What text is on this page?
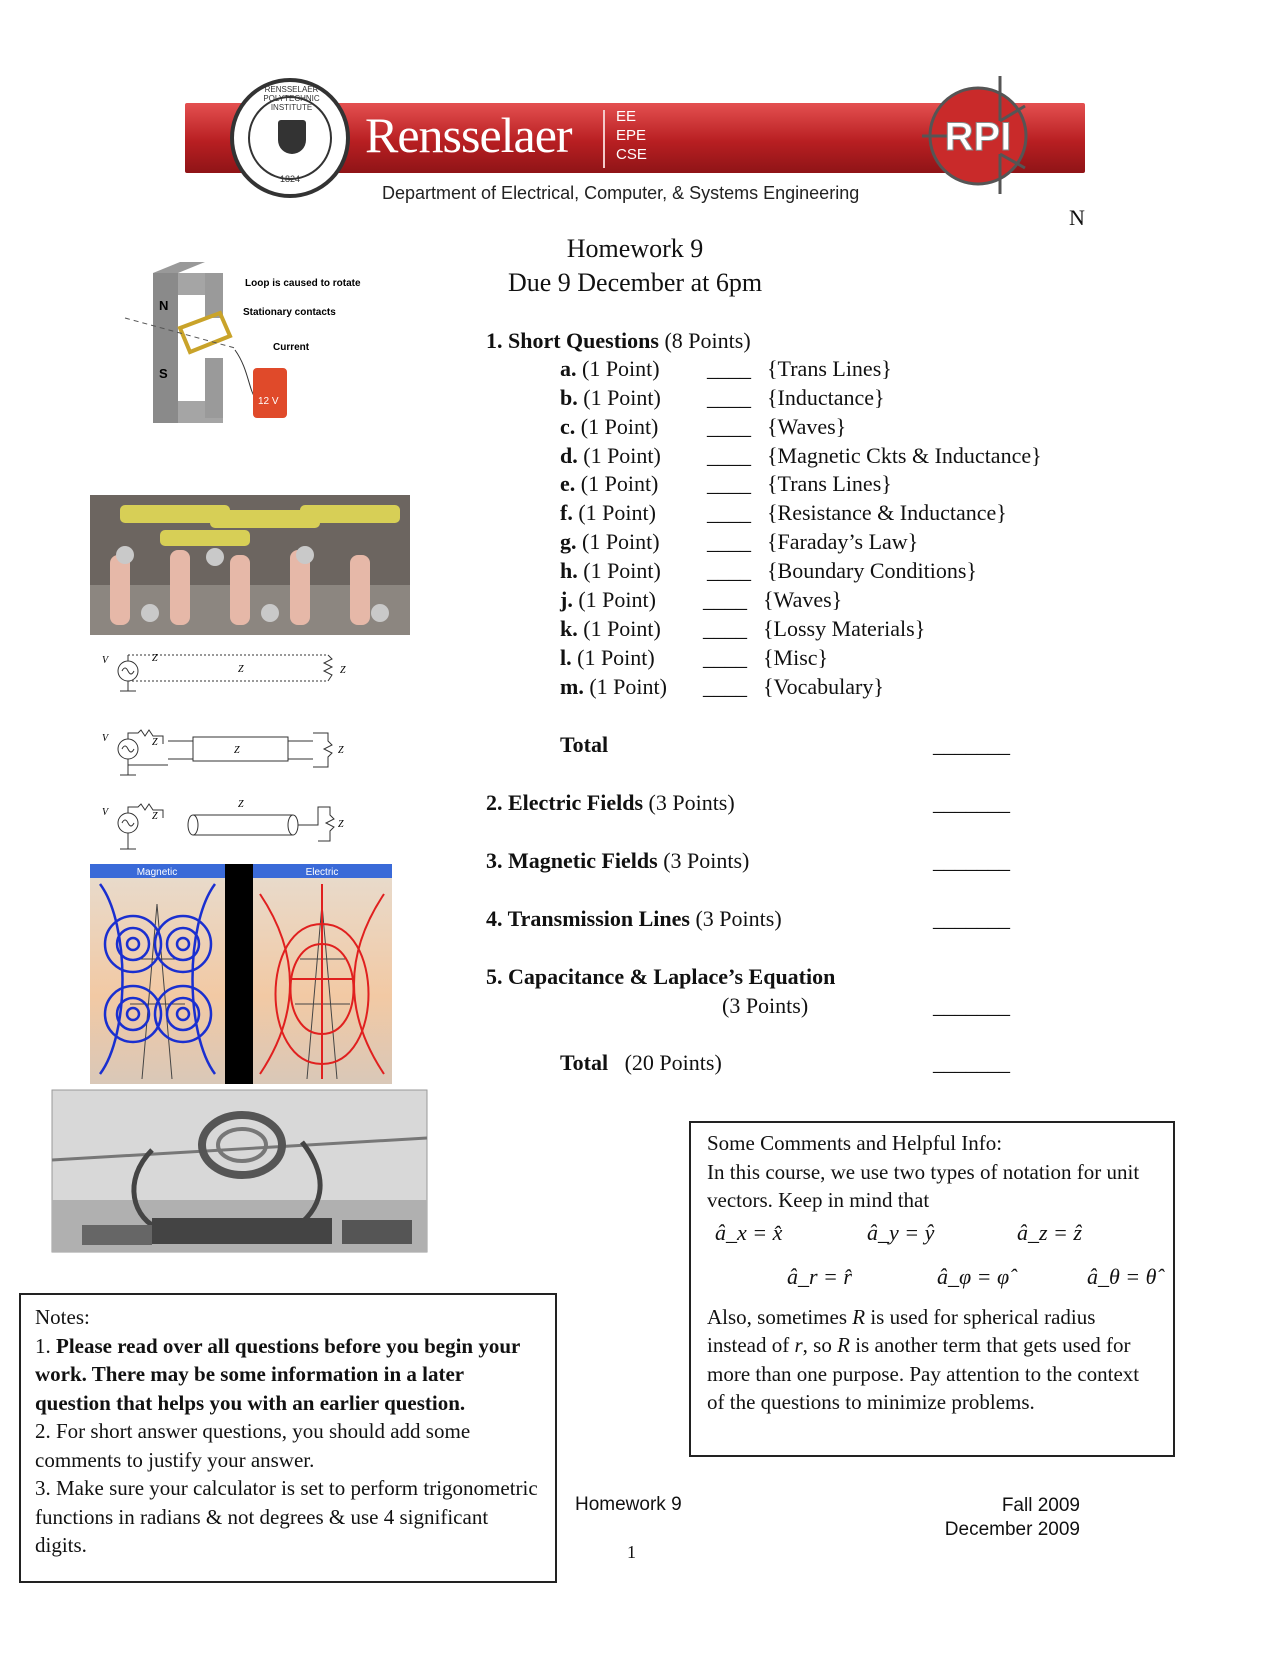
RENSSELAER POLYTECHNIC INSTITUTE
1824
Rensselaer	EE
EPE
CSE	RPI
Department of Electrical, Computer, & Systems Engineering
N
Homework 9
Due 9 December at 6pm
N
S
12 V
Loop is caused to rotate
Stationary contacts
Current
V	Z
Z	Z
V	Z
Z	Z
V	Z
Z
Z
Magnetic	Electric
1. Short Questions (8 Points)
a. (1 Point) ____ {Trans Lines}
b. (1 Point) ____ {Inductance}
c. (1 Point) ____ {Waves}
d. (1 Point) ____ {Magnetic Ckts & Inductance}
e. (1 Point) ____ {Trans Lines}
f. (1 Point) ____ {Resistance & Inductance}
g. (1 Point) ____ {Faraday’s Law}
h. (1 Point) ____ {Boundary Conditions}
j. (1 Point) ____ {Waves}
k. (1 Point) ____ {Lossy Materials}
l. (1 Point) ____ {Misc}
m. (1 Point) ____ {Vocabulary}
Total	_______
2. Electric Fields (3 Points)	_______
3. Magnetic Fields (3 Points)	_______
4. Transmission Lines (3 Points)	_______
5. Capacitance & Laplace’s Equation
(3 Points)	_______
Total (20 Points)	_______
Some Comments and Helpful Info:
In this course, we use two types of notation for unit vectors. Keep in mind that
â_x = x̂	â_y = ŷ	â_z = ẑ
â_r = r̂	â_φ = φ̂	â_θ = θ̂
Also, sometimes R is used for spherical radius instead of r, so R is another term that gets used for more than one purpose. Pay attention to the context of the questions to minimize problems.
Notes:
1. Please read over all questions before you begin your work. There may be some information in a later question that helps you with an earlier question.
2. For short answer questions, you should add some comments to justify your answer.
3. Make sure your calculator is set to perform trigonometric functions in radians & not degrees & use 4 significant digits.
Homework 9	Fall 2009
December 2009
1
